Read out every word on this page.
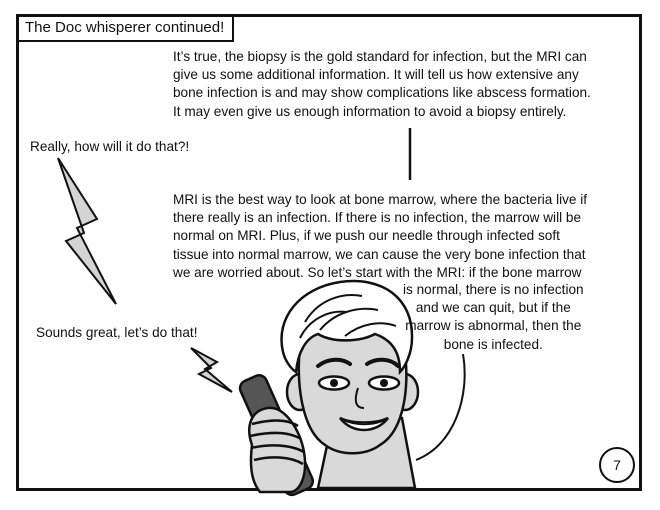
The Doc whisperer continued!
It’s true, the biopsy is the gold standard for infection, but the MRI can
give us some additional information. It will tell us how extensive any
bone infection is and may show complications like abscess formation.
It may even give us enough information to avoid a biopsy entirely.
Really, how will it do that?!
MRI is the best way to look at bone marrow, where the bacteria live if
there really is an infection. If there is no infection, the marrow will be
normal on MRI. Plus, if we push our needle through infected soft
tissue into normal marrow, we can cause the very bone infection that
we are worried about. So let’s start with the MRI: if the bone marrow
is normal, there is no infection
and we can quit, but if the
marrow is abnormal, then the
bone is infected.
Sounds great, let’s do that!
7
